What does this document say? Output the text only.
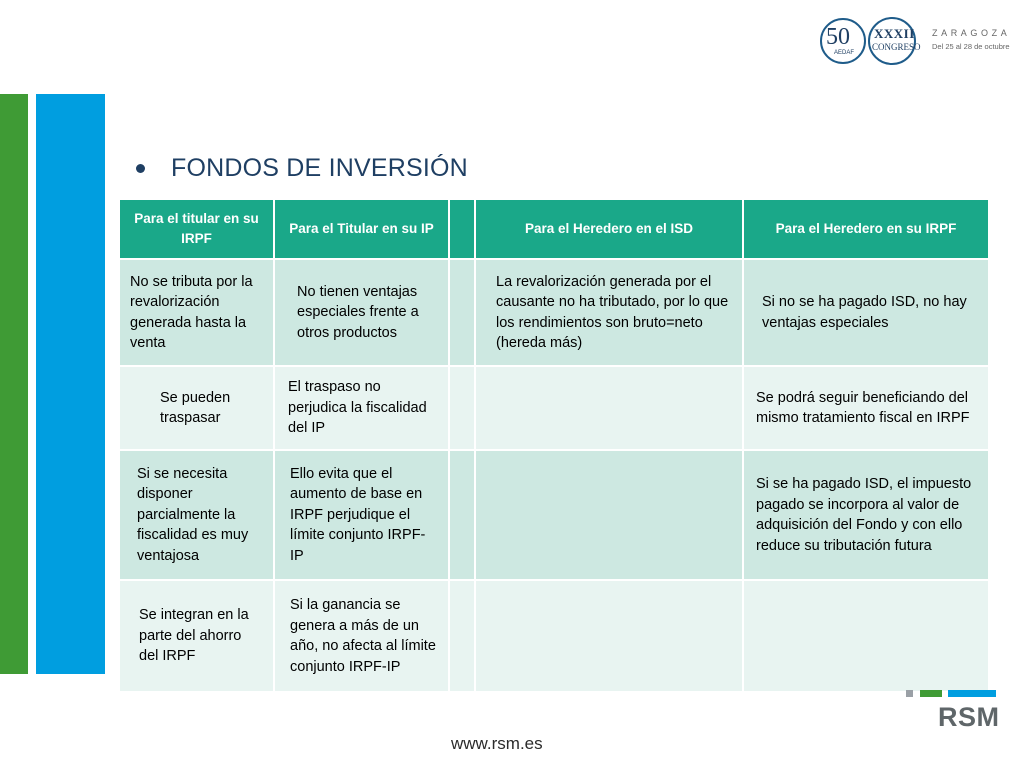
50
AEDAF
XXXII
CONGRESO
ZARAGOZA
Del 25 al 28 de octubre
FONDOS DE INVERSIÓN
Para el titular en su IRPF	Para el Titular en su IP		Para el Heredero en el ISD	Para el Heredero en su IRPF
No se tributa por la revalorización generada hasta la venta	No tienen ventajas especiales frente a otros productos		La revalorización generada por el causante no ha tributado, por lo que los rendimientos son bruto=neto (hereda más)	Si no se ha pagado ISD, no hay ventajas especiales
Se pueden traspasar	El traspaso no perjudica la fiscalidad del IP			Se podrá seguir beneficiando del mismo tratamiento fiscal en IRPF
Si se necesita disponer parcialmente la fiscalidad es muy ventajosa	Ello evita que el aumento de base en IRPF perjudique el límite conjunto IRPF-IP			Si se ha pagado ISD, el impuesto pagado se incorpora al valor de adquisición del Fondo y con ello reduce su tributación futura
Se integran en la parte del ahorro del IRPF	Si la ganancia se genera a más de un año, no afecta al límite conjunto IRPF-IP			
www.rsm.es
RSM
